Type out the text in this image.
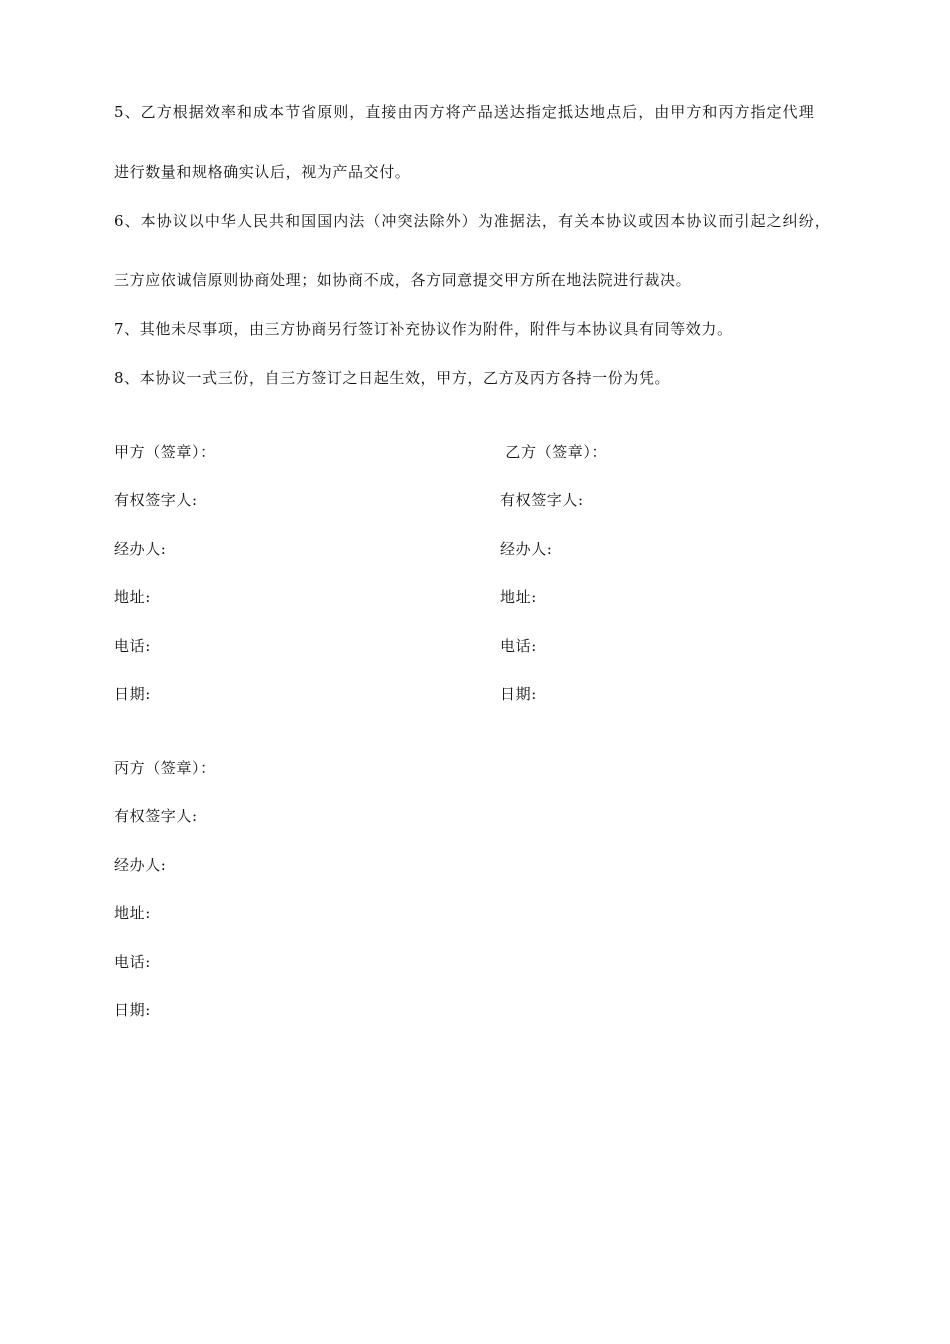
5、乙方根据效率和成本节省原则，直接由丙方将产品送达指定抵达地点后，由甲方和丙方指定代理
进行数量和规格确实认后，视为产品交付。
6、本协议以中华人民共和国国内法（冲突法除外）为准据法，有关本协议或因本协议而引起之纠纷，
三方应依诚信原则协商处理；如协商不成，各方同意提交甲方所在地法院进行裁决。
7、其他未尽事项，由三方协商另行签订补充协议作为附件，附件与本协议具有同等效力。
8、本协议一式三份，自三方签订之日起生效，甲方，乙方及丙方各持一份为凭。
甲方（签章）：
有权签字人:
经办人:
地址:
电话:
日期:
乙方（签章）：
有权签字人:
经办人:
地址:
电话:
日期:
丙方（签章）：
有权签字人:
经办人:
地址:
电话:
日期:
